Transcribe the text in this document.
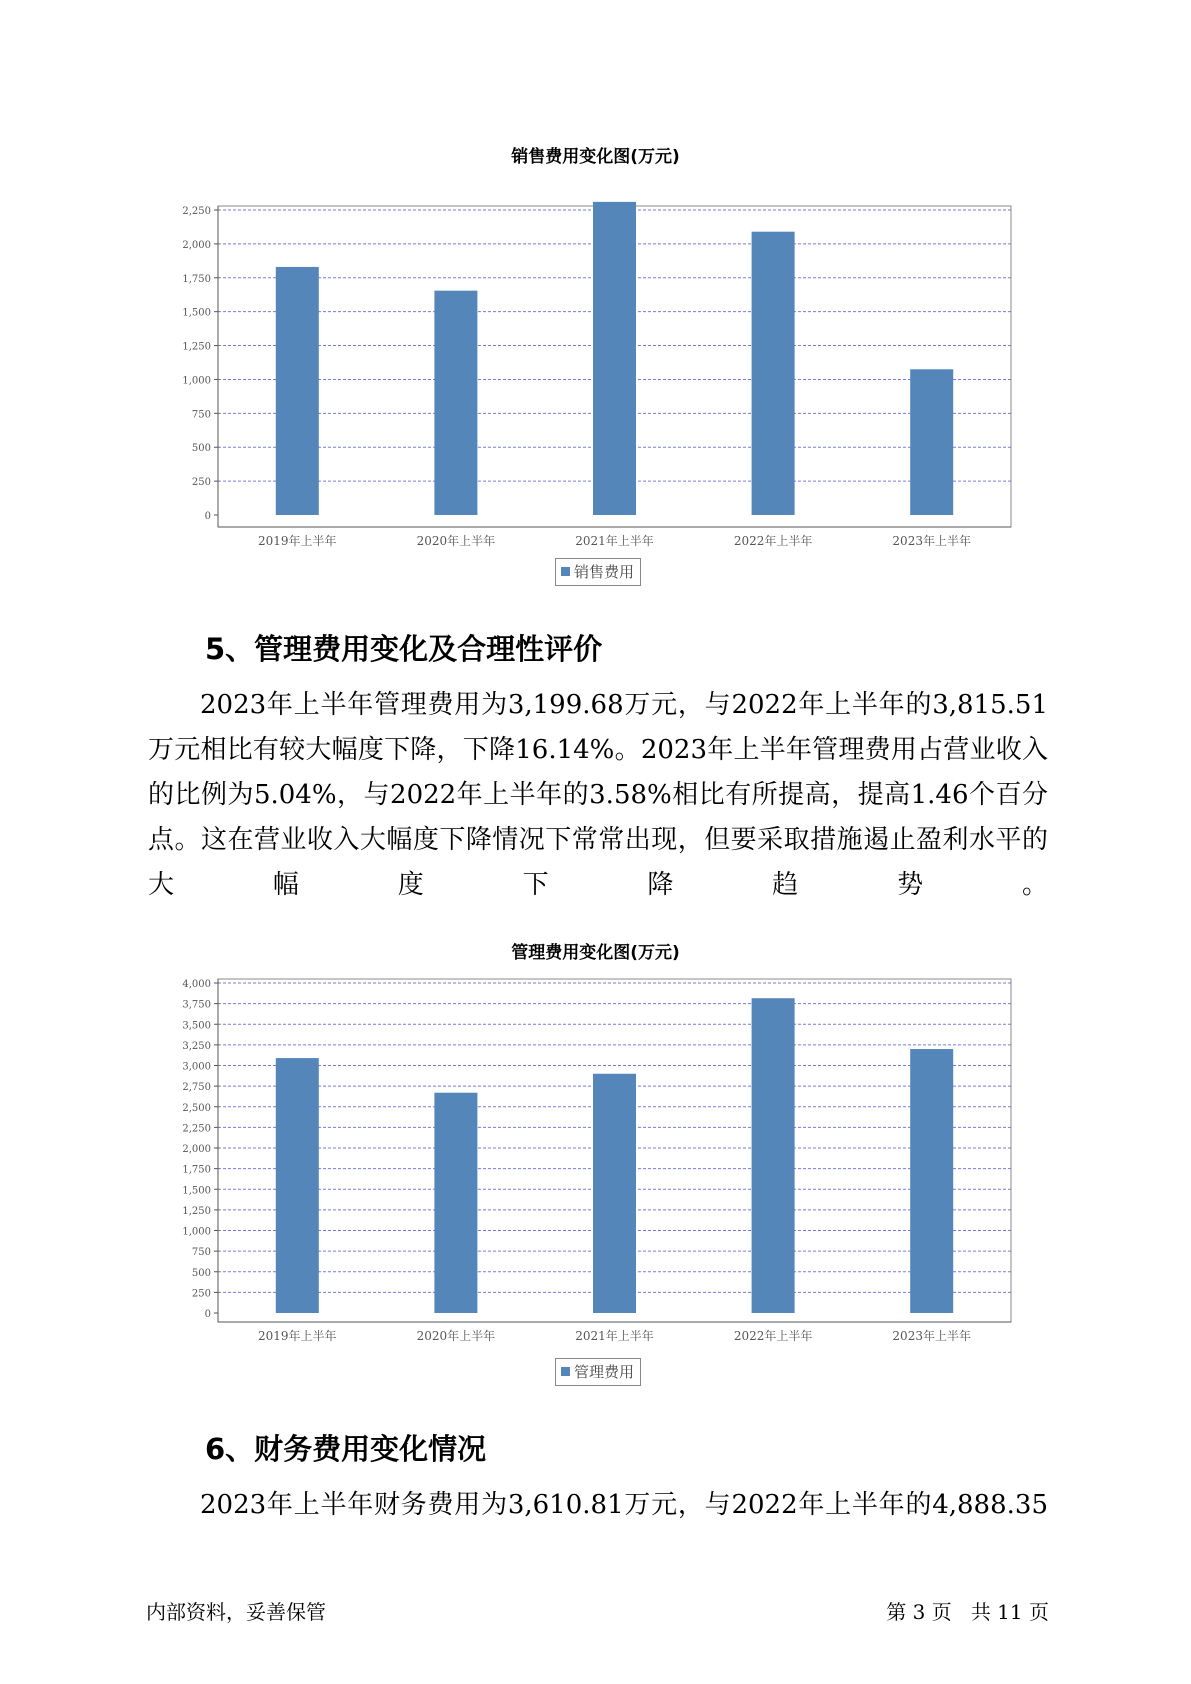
销售费用变化图(万元)
0
250
500
750
1,000
1,250
1,500
1,750
2,000
2,250
2019年上半年	2020年上半年	2021年上半年	2022年上半年	2023年上半年
销售费用
5、管理费用变化及合理性评价

2023年上半年管理费用为3,199.68万元，与2022年上半年的3,815.51万元相比有较大幅度下降，下降16.14%。2023年上半年管理费用占营业收入的比例为5.04%，与2022年上半年的3.58%相比有所提高，提高1.46个百分点。这在营业收入大幅度下降情况下常常出现，但要采取措施遏止盈利水平的大幅度下降趋势。

管理费用变化图(万元)
0
250
500
750
1,000
1,250
1,500
1,750
2,000
2,250
2,500
2,750
3,000
3,250
3,500
3,750
4,000
2019年上半年	2020年上半年	2021年上半年	2022年上半年	2023年上半年
管理费用
6、财务费用变化情况

2023年上半年财务费用为3,610.81万元，与2022年上半年的4,888.35

内部资料，妥善保管	第 3 页   共 11 页
